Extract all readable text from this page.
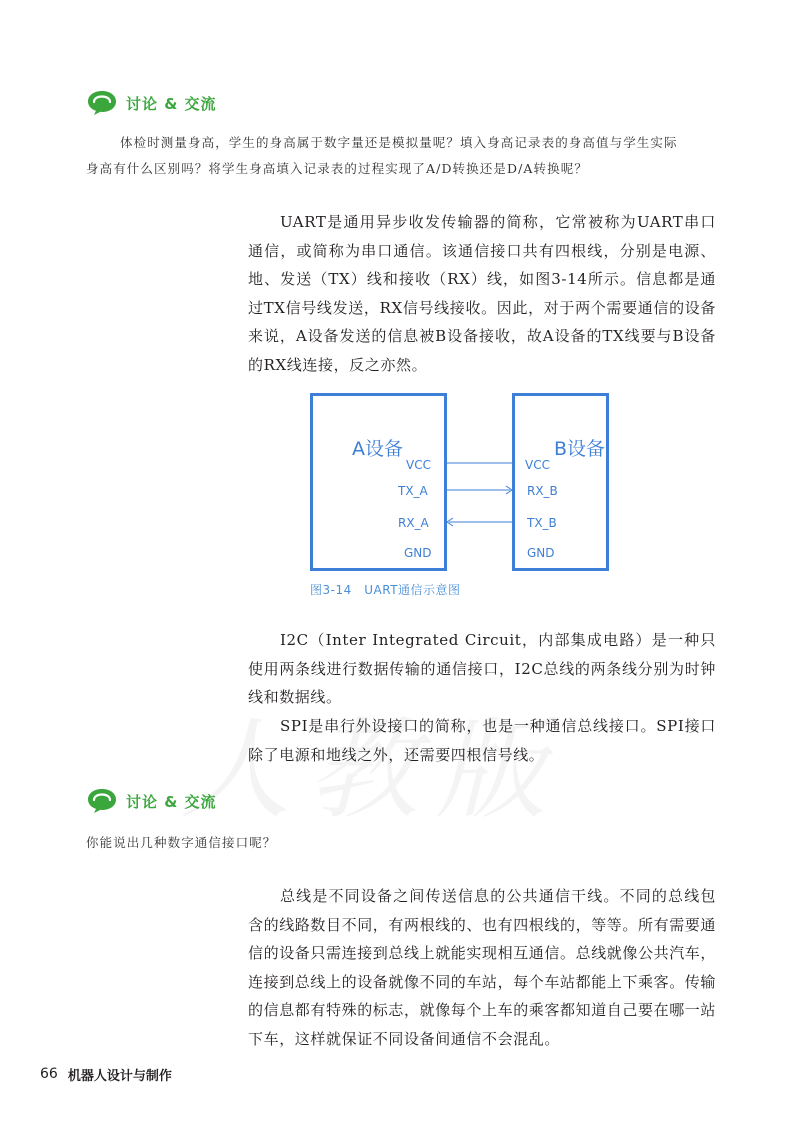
讨论 & 交流
体检时测量身高，学生的身高属于数字量还是模拟量呢？填入身高记录表的身高值与学生实际
身高有什么区别吗？将学生身高填入记录表的过程实现了A/D转换还是D/A转换呢？

UART是通用异步收发传输器的简称，它常被称为UART串口通信，或简称为串口通信。该通信接口共有四根线，分别是电源、地、发送（TX）线和接收（RX）线，如图3-14所示。信息都是通过TX信号线发送，RX信号线接收。因此，对于两个需要通信的设备来说，A设备发送的信息被B设备接收，故A设备的TX线要与B设备的RX线连接，反之亦然。

A设备	B设备
VCC
TX_A
RX_A
GND
VCC
RX_B
TX_B
GND
图3-14　UART通信示意图

I2C（Inter Integrated Circuit，内部集成电路）是一种只使用两条线进行数据传输的通信接口，I2C总线的两条线分别为时钟线和数据线。

SPI是串行外设接口的简称，也是一种通信总线接口。SPI接口除了电源和地线之外，还需要四根信号线。

讨论 & 交流
你能说出几种数字通信接口呢？

总线是不同设备之间传送信息的公共通信干线。不同的总线包含的线路数目不同，有两根线的、也有四根线的，等等。所有需要通信的设备只需连接到总线上就能实现相互通信。总线就像公共汽车，连接到总线上的设备就像不同的车站，每个车站都能上下乘客。传输的信息都有特殊的标志，就像每个上车的乘客都知道自己要在哪一站下车，这样就保证不同设备间通信不会混乱。

66 机器人设计与制作
